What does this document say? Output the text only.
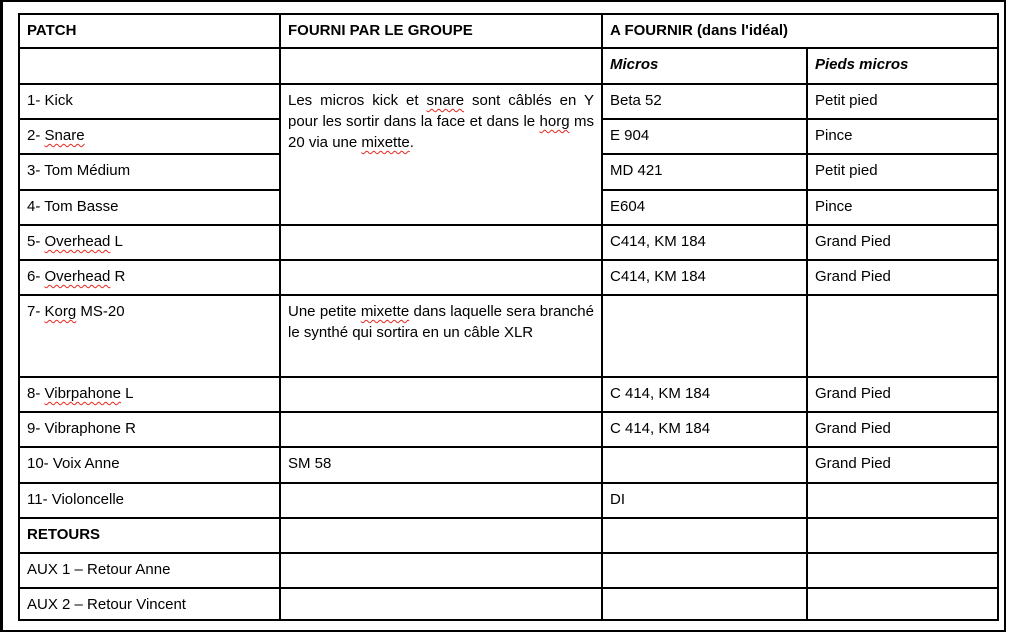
PATCH	FOURNI PAR LE GROUPE	A FOURNIR (dans l'idéal)	
		Micros	Pieds micros
1- Kick	Les micros kick et snare sont câblés en Y pour les sortir dans la face et dans le horg ms 20 via une mixette.	Beta 52	Petit pied
2- Snare		E 904	Pince
3- Tom Médium		MD 421	Petit pied
4- Tom Basse		E604	Pince
5- Overhead L		C414, KM 184	Grand Pied
6- Overhead R		C414, KM 184	Grand Pied
7- Korg MS-20	Une petite mixette dans laquelle sera branché le synthé qui sortira en un câble XLR		
8- Vibrpahone L		C 414, KM 184	Grand Pied
9- Vibraphone R		C 414, KM 184	Grand Pied
10- Voix Anne	SM 58		Grand Pied
11- Violoncelle		DI	
RETOURS			
AUX 1 – Retour Anne			
AUX 2 – Retour Vincent			
